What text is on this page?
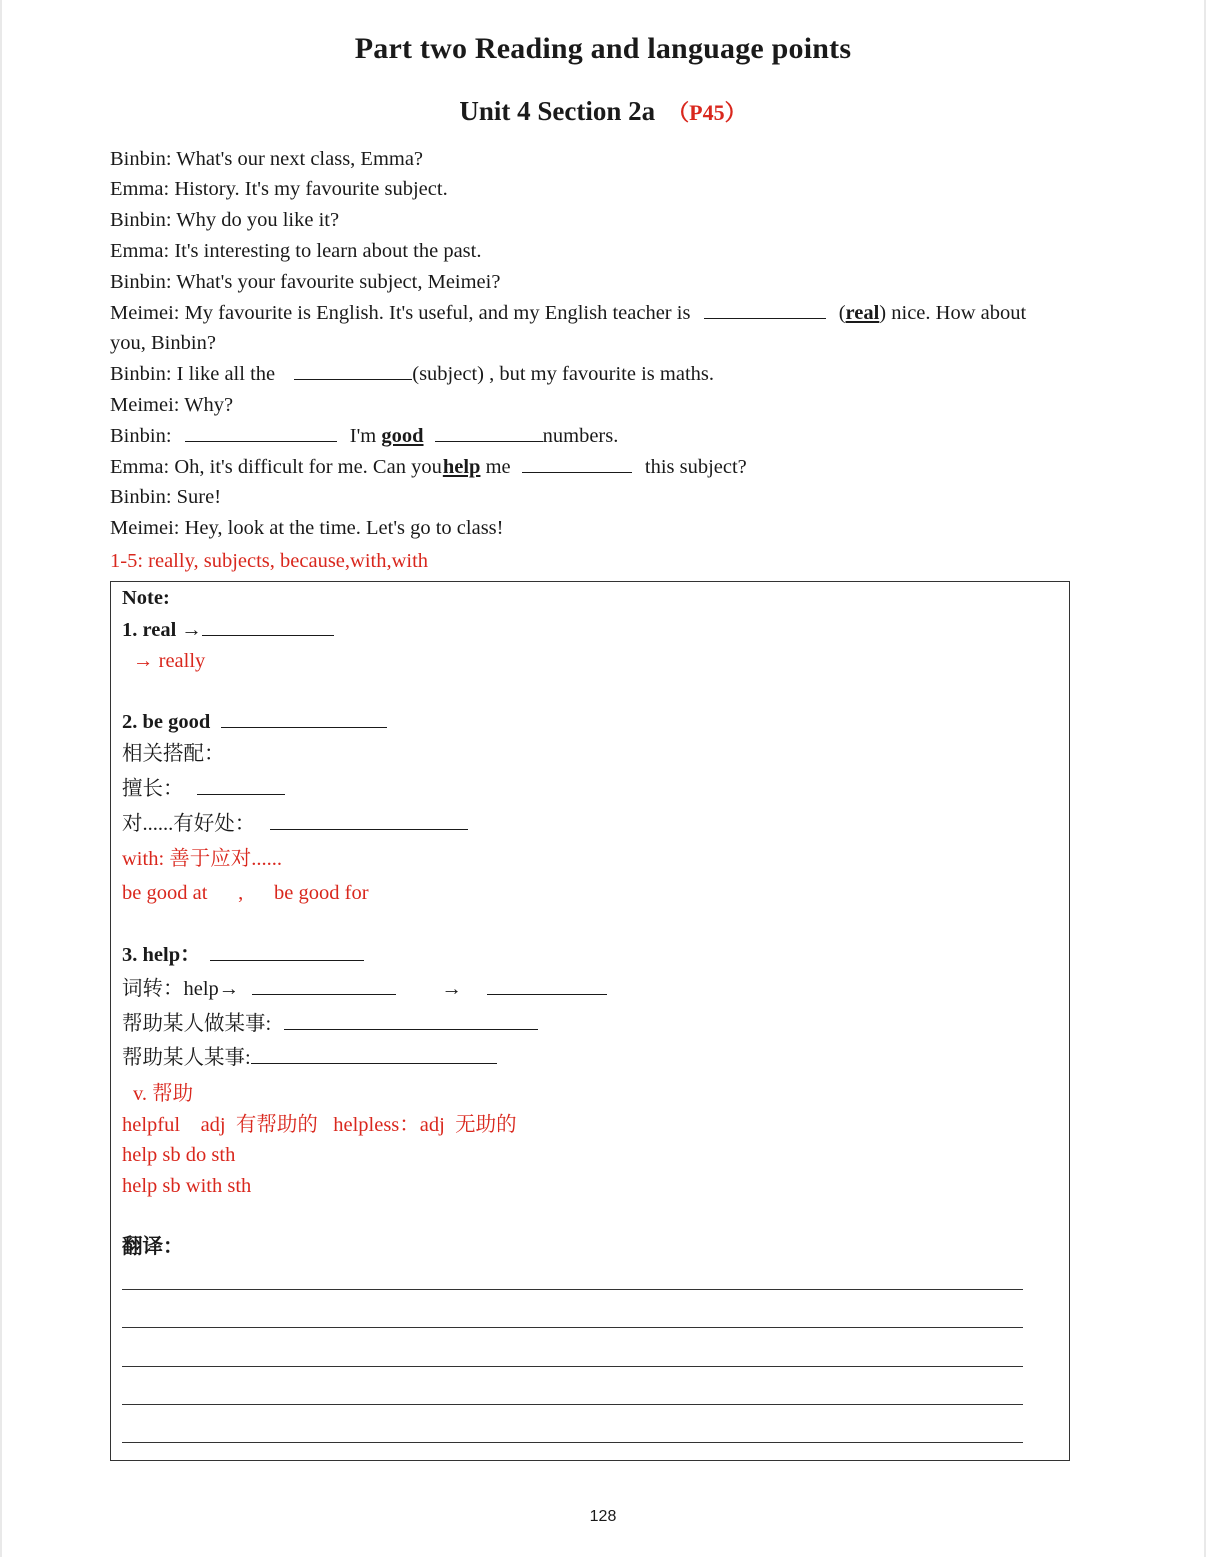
Part two Reading and language points
Unit 4 Section 2a （P45）
Binbin: What's our next class, Emma?
Emma: History. It's my favourite subject.
Binbin: Why do you like it?
Emma: It's interesting to learn about the past.
Binbin: What's your favourite subject, Meimei?
Meimei: My favourite is English. It's useful, and my English teacher is	(real) nice. How about
you, Binbin?
Binbin: I like all the	(subject) , but my favourite is maths.
Meimei: Why?
Binbin:	I'm good	numbers.
Emma: Oh, it's difficult for me. Can youhelp me	this subject?
Binbin: Sure!
Meimei: Hey, look at the time. Let's go to class!
1-5: really, subjects, because,with,with
Note:
1. real →
→ really
2. be good
相关搭配：
擅长：
对......有好处：
with: 善于应对......
be good at      ,      be good for
3. help：
词转：help→	→
帮助某人做某事:
帮助某人某事:
v. 帮助
helpful    adj  有帮助的   helpless：adj  无助的
help sb do sth
help sb with sth
翻译：
128
